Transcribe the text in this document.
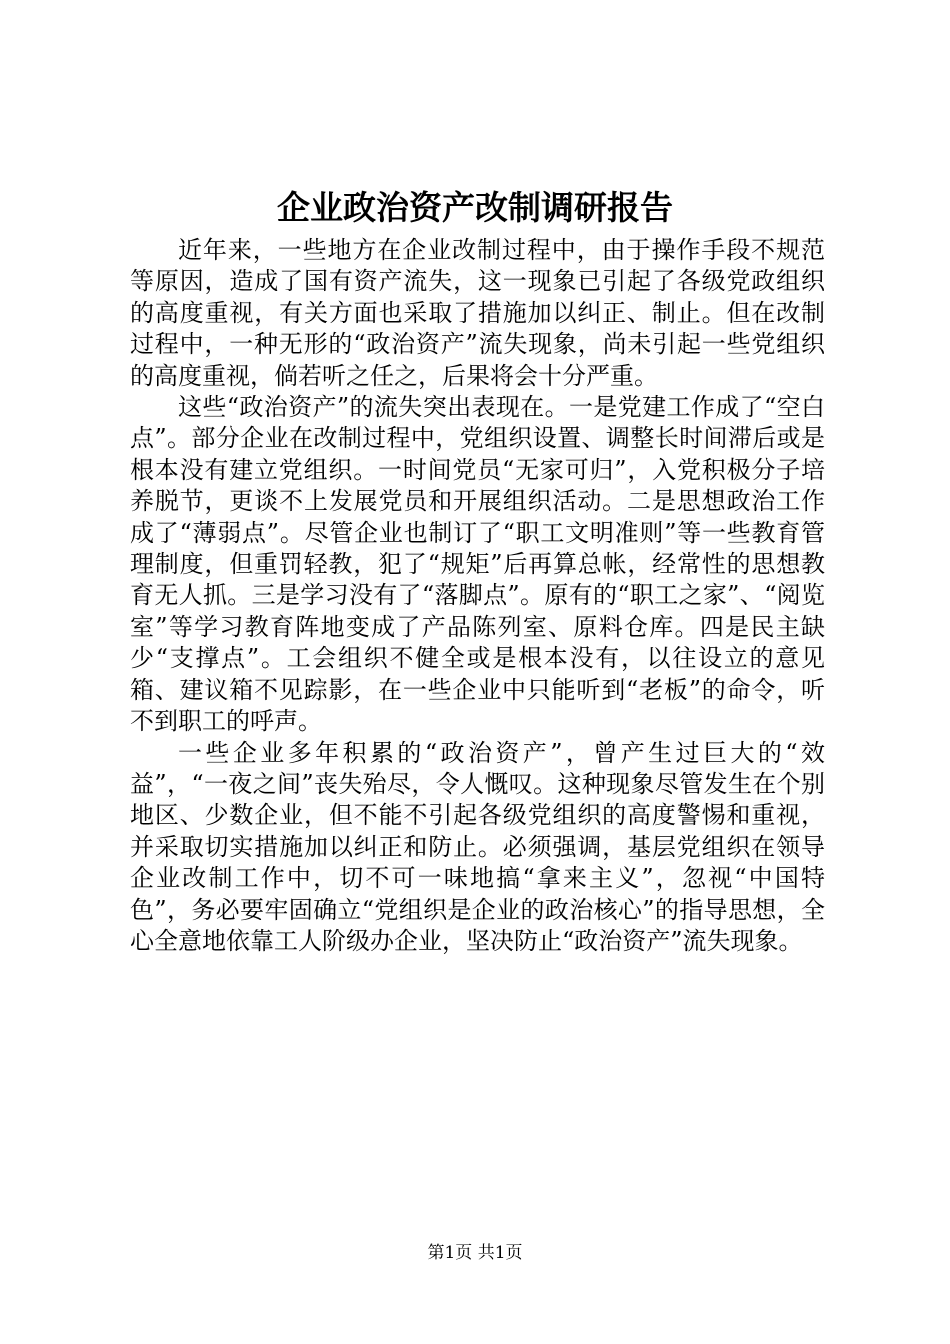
企业政治资产改制调研报告

近年来，一些地方在企业改制过程中，由于操作手段不规范等原因，造成了国有资产流失，这一现象已引起了各级党政组织的高度重视，有关方面也采取了措施加以纠正、制止。但在改制过程中，一种无形的“政治资产”流失现象，尚未引起一些党组织的高度重视，倘若听之任之，后果将会十分严重。

这些“政治资产”的流失突出表现在。一是党建工作成了“空白点”。部分企业在改制过程中，党组织设置、调整长时间滞后或是根本没有建立党组织。一时间党员“无家可归”，入党积极分子培养脱节，更谈不上发展党员和开展组织活动。二是思想政治工作成了“薄弱点”。尽管企业也制订了“职工文明准则”等一些教育管理制度，但重罚轻教，犯了“规矩”后再算总帐，经常性的思想教育无人抓。三是学习没有了“落脚点”。原有的“职工之家”、“阅览室”等学习教育阵地变成了产品陈列室、原料仓库。四是民主缺少“支撑点”。工会组织不健全或是根本没有，以往设立的意见箱、建议箱不见踪影，在一些企业中只能听到“老板”的命令，听不到职工的呼声。

一些企业多年积累的“政治资产”，曾产生过巨大的“效益”，“一夜之间”丧失殆尽，令人慨叹。这种现象尽管发生在个别地区、少数企业，但不能不引起各级党组织的高度警惕和重视，并采取切实措施加以纠正和防止。必须强调，基层党组织在领导企业改制工作中，切不可一味地搞“拿来主义”，忽视“中国特色”，务必要牢固确立“党组织是企业的政治核心”的指导思想，全心全意地依靠工人阶级办企业，坚决防止“政治资产”流失现象。

第1页 共1页
